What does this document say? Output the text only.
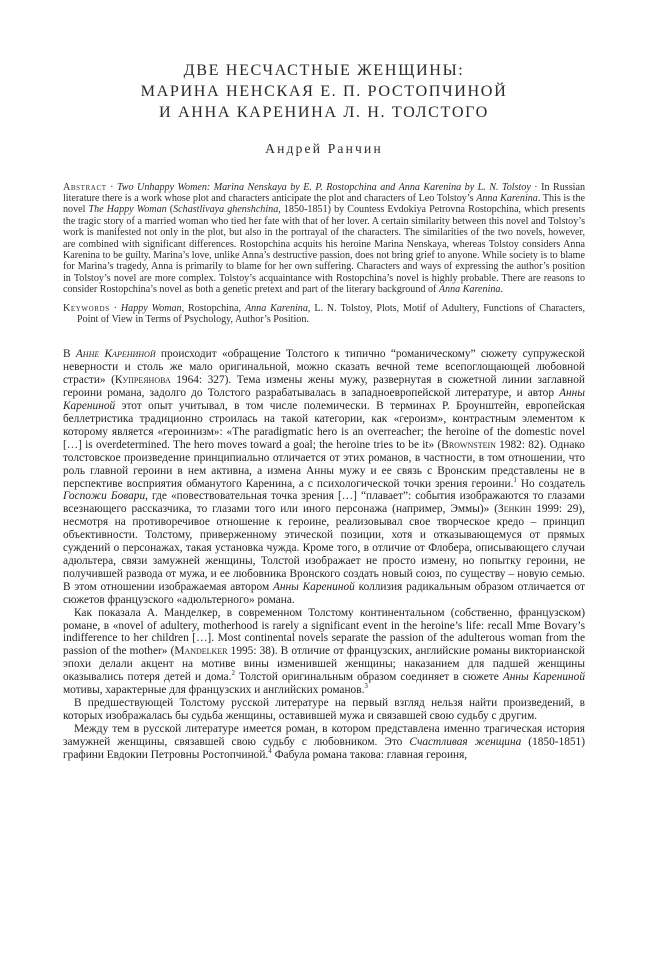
ДВЕ НЕСЧАСТНЫЕ ЖЕНЩИНЫ:
МАРИНА НЕНСКАЯ Е. П. РОСТОПЧИНОЙ
И АННА КАРЕНИНА Л. Н. ТОЛСТОГО
Андрей Ранчин
Abstract · Two Unhappy Women: Marina Nenskaya by E. P. Rostopchina and Anna Karenina by L. N. Tolstoy · In Russian literature there is a work whose plot and characters anticipate the plot and characters of Leo Tolstoy’s Anna Karenina. This is the novel The Happy Woman (Schastlivaya ghenshchina, 1850-1851) by Countess Evdokiya Petrovna Rostopchina, which presents the tragic story of a married woman who tied her fate with that of her lover. A certain similarity between this novel and Tolstoy’s work is manifested not only in the plot, but also in the portrayal of the characters. The similarities of the two novels, however, are combined with significant differences. Rostopchina acquits his heroine Marina Nenskaya, whereas Tolstoy considers Anna Karenina to be guilty. Marina’s love, unlike Anna’s destructive passion, does not bring grief to anyone. While society is to blame for Marina’s tragedy, Anna is primarily to blame for her own suffering. Characters and ways of expressing the author’s position in Tolstoy’s novel are more complex. Tolstoy’s acquaintance with Rostopchina’s novel is highly probable. There are reasons to consider Rostopchina’s novel as both a genetic pretext and part of the literary background of Anna Karenina.
Keywords · Happy Woman, Rostopchina, Anna Karenina, L. N. Tolstoy, Plots, Motif of Adultery, Functions of Characters, Point of View in Terms of Psychology, Author’s Position.

В Анне Карениной происходит «обращение Толстого к типично “романическому” сюжету супружеской неверности и столь же мало оригинальной, можно сказать вечной теме всепоглощающей любовной страсти» (Купреянова 1964: 327). Тема измены жены мужу, развернутая в сюжетной линии заглавной героини романа, задолго до Толстого разрабатывалась в западноевропейской литературе, и автор Анны Карениной этот опыт учитывал, в том числе полемически. В терминах Р. Броунштейн, европейская беллетристика традиционно строилась на такой категории, как «героизм», контрастным элементом к которому является «героинизм»: «The paradigmatic hero is an overreacher; the heroine of the domestic novel […] is overdetermined. The hero moves toward a goal; the heroine tries to be it» (Brownstein 1982: 82). Однако толстовское произведение принципиально отличается от этих романов, в частности, в том отношении, что роль главной героини в нем активна, а измена Анны мужу и ее связь с Вронским представлены не в перспективе восприятия обманутого Каренина, а с психологической точки зрения героини.$^1$ Но создатель Госпожи Бовари, где «повествовательная точка зрения […] “плавает”: события изображаются то глазами всезнающего рассказчика, то глазами того или иного персонажа (например, Эммы)» (Зенкин 1999: 29), несмотря на противоречивое отношение к героине, реализовывал свое творческое кредо – принцип объективности. Толстому, приверженному этической позиции, хотя и отказывающемуся от прямых суждений о персонажах, такая установка чужда. Кроме того, в отличие от Флобера, описывающего случаи адюльтера, связи замужней женщины, Толстой изображает не просто измену, но попытку героини, не получившей развода от мужа, и ее любовника Вронского создать новый союз, по существу – новую семью. В этом отношении изображаемая автором Анны Карениной коллизия радикальным образом отличается от сюжетов французского «адюльтерного» романа.

Как показала А. Манделкер, в современном Толстому континентальном (собственно, французском) романе, в «novel of adultery, motherhood is rarely a significant event in the heroine’s life: recall Mme Bovary’s indifference to her children […]. Most continental novels separate the passion of the adulterous woman from the passion of the mother» (Mandelker 1995: 38). В отличие от французских, английские романы викторианской эпохи делали акцент на мотиве вины изменившей женщины; наказанием для падшей женщины оказывались потеря детей и дома.$^2$ Толстой оригинальным образом соединяет в сюжете Анны Карениной мотивы, характерные для французских и английских романов.$^3$

В предшествующей Толстому русской литературе на первый взгляд нельзя найти произведений, в которых изображалась бы судьба женщины, оставившей мужа и связавшей свою судьбу с другим.

Между тем в русской литературе имеется роман, в котором представлена именно трагическая история замужней женщины, связавшей свою судьбу с любовником. Это Счастливая женщина (1850-1851) графини Евдокии Петровны Ростопчиной.$^4$ Фабула романа такова: главная героиня,
